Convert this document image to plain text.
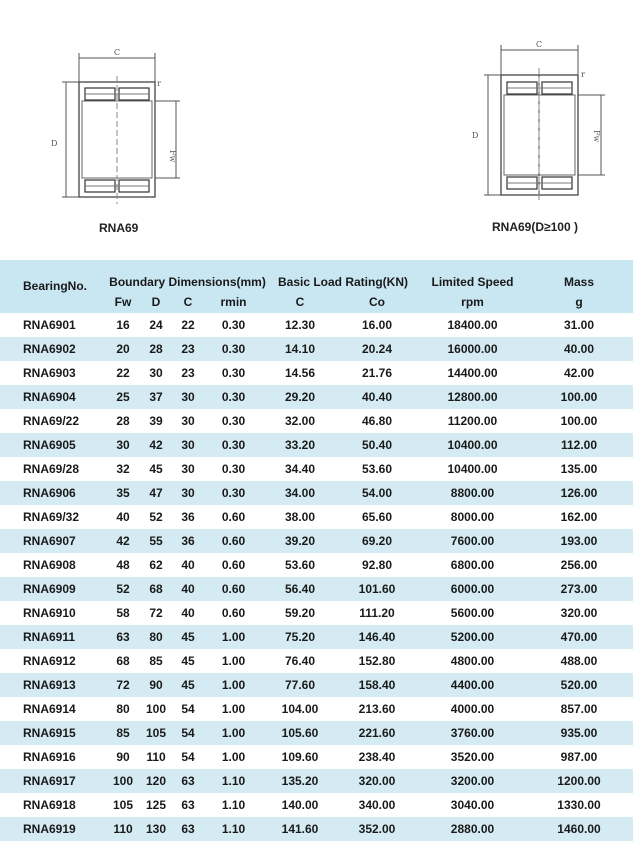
C
D
Fw
r
C
D	Fw
r
RNA69	RNA69(D≥100 )
BearingNo.	Boundary Dimensions(mm)				Basic Load Rating(KN)		Limited Speed	Mass
	Fw	D	C	rmin	C	Co	rpm	g
RNA6901	16	24	22	0.30	12.30	16.00	18400.00	31.00
RNA6902	20	28	23	0.30	14.10	20.24	16000.00	40.00
RNA6903	22	30	23	0.30	14.56	21.76	14400.00	42.00
RNA6904	25	37	30	0.30	29.20	40.40	12800.00	100.00
RNA69/22	28	39	30	0.30	32.00	46.80	11200.00	100.00
RNA6905	30	42	30	0.30	33.20	50.40	10400.00	112.00
RNA69/28	32	45	30	0.30	34.40	53.60	10400.00	135.00
RNA6906	35	47	30	0.30	34.00	54.00	8800.00	126.00
RNA69/32	40	52	36	0.60	38.00	65.60	8000.00	162.00
RNA6907	42	55	36	0.60	39.20	69.20	7600.00	193.00
RNA6908	48	62	40	0.60	53.60	92.80	6800.00	256.00
RNA6909	52	68	40	0.60	56.40	101.60	6000.00	273.00
RNA6910	58	72	40	0.60	59.20	111.20	5600.00	320.00
RNA6911	63	80	45	1.00	75.20	146.40	5200.00	470.00
RNA6912	68	85	45	1.00	76.40	152.80	4800.00	488.00
RNA6913	72	90	45	1.00	77.60	158.40	4400.00	520.00
RNA6914	80	100	54	1.00	104.00	213.60	4000.00	857.00
RNA6915	85	105	54	1.00	105.60	221.60	3760.00	935.00
RNA6916	90	110	54	1.00	109.60	238.40	3520.00	987.00
RNA6917	100	120	63	1.10	135.20	320.00	3200.00	1200.00
RNA6918	105	125	63	1.10	140.00	340.00	3040.00	1330.00
RNA6919	110	130	63	1.10	141.60	352.00	2880.00	1460.00
